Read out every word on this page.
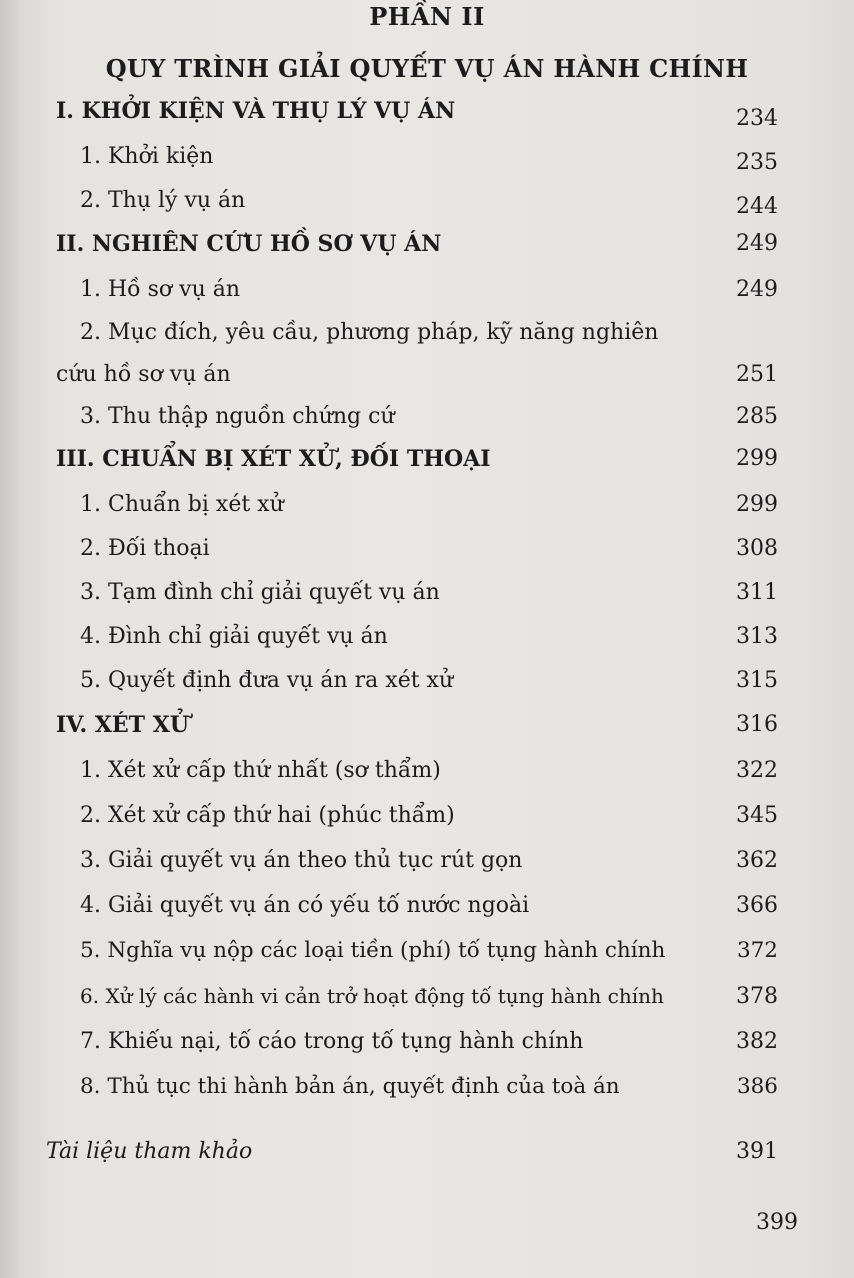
PHẦN II
QUY TRÌNH GIẢI QUYẾT VỤ ÁN HÀNH CHÍNH
I. KHỞI KIỆN VÀ THỤ LÝ VỤ ÁN	234
1. Khởi kiện	235
2. Thụ lý vụ án	244
II. NGHIÊN CỨU HỒ SƠ VỤ ÁN	249
1. Hồ sơ vụ án	249
2. Mục đích, yêu cầu, phương pháp, kỹ năng nghiên
cứu hồ sơ vụ án	251
3. Thu thập nguồn chứng cứ	285
III. CHUẨN BỊ XÉT XỬ, ĐỐI THOẠI	299
1. Chuẩn bị xét xử	299
2. Đối thoại	308
3. Tạm đình chỉ giải quyết vụ án	311
4. Đình chỉ giải quyết vụ án	313
5. Quyết định đưa vụ án ra xét xử	315
IV. XÉT XỬ	316
1. Xét xử cấp thứ nhất (sơ thẩm)	322
2. Xét xử cấp thứ hai (phúc thẩm)	345
3. Giải quyết vụ án theo thủ tục rút gọn	362
4. Giải quyết vụ án có yếu tố nước ngoài	366
5. Nghĩa vụ nộp các loại tiền (phí) tố tụng hành chính	372
6. Xử lý các hành vi cản trở hoạt động tố tụng hành chính	378
7. Khiếu nại, tố cáo trong tố tụng hành chính	382
8. Thủ tục thi hành bản án, quyết định của toà án	386
Tài liệu tham khảo	391
399
